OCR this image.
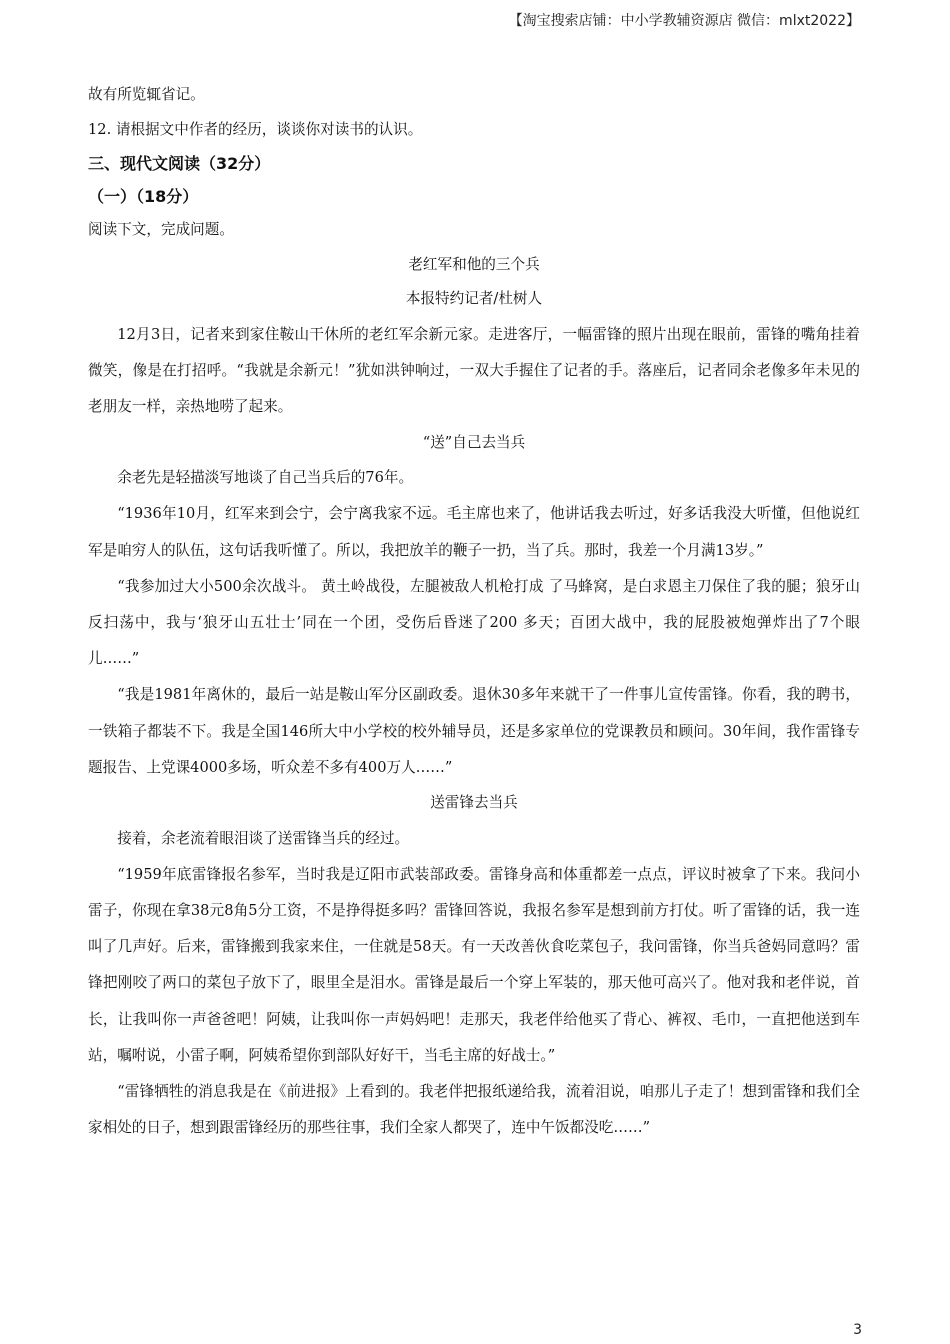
【淘宝搜索店铺：中小学教辅资源店 微信：mlxt2022】

故有所览辄省记。

12. 请根据文中作者的经历，谈谈你对读书的认识。

三、现代文阅读（32分）

（一）（18分）

阅读下文，完成问题。

老红军和他的三个兵

本报特约记者/杜树人

12月3日，记者来到家住鞍山干休所的老红军余新元家。走进客厅，一幅雷锋的照片出现在眼前，雷锋的嘴角挂着微笑，像是在打招呼。“我就是余新元！”犹如洪钟响过，一双大手握住了记者的手。落座后，记者同余老像多年未见的老朋友一样，亲热地唠了起来。

“送”自己去当兵

余老先是轻描淡写地谈了自己当兵后的76年。

“1936年10月，红军来到会宁，会宁离我家不远。毛主席也来了，他讲话我去听过，好多话我没大听懂，但他说红军是咱穷人的队伍，这句话我听懂了。所以，我把放羊的鞭子一扔，当了兵。那时，我差一个月满13岁。”

“我参加过大小500余次战斗。 黄土岭战役，左腿被敌人机枪打成 了马蜂窝，是白求恩主刀保住了我的腿；狼牙山反扫荡中，我与‘狼牙山五壮士’同在一个团，受伤后昏迷了200 多天；百团大战中，我的屁股被炮弹炸出了7个眼儿……”

“我是1981年离休的，最后一站是鞍山军分区副政委。退休30多年来就干了一件事儿宣传雷锋。你看，我的聘书，一铁箱子都装不下。我是全国146所大中小学校的校外辅导员，还是多家单位的党课教员和顾问。30年间，我作雷锋专题报告、上党课4000多场，听众差不多有400万人……”

送雷锋去当兵

接着，余老流着眼泪谈了送雷锋当兵的经过。

“1959年底雷锋报名参军，当时我是辽阳市武装部政委。雷锋身高和体重都差一点点，评议时被拿了下来。我问小雷子，你现在拿38元8角5分工资，不是挣得挺多吗？雷锋回答说，我报名参军是想到前方打仗。听了雷锋的话，我一连叫了几声好。后来，雷锋搬到我家来住，一住就是58天。有一天改善伙食吃菜包子，我问雷锋，你当兵爸妈同意吗？雷锋把刚咬了两口的菜包子放下了，眼里全是泪水。雷锋是最后一个穿上军装的，那天他可高兴了。他对我和老伴说，首长，让我叫你一声爸爸吧！阿姨，让我叫你一声妈妈吧！走那天，我老伴给他买了背心、裤衩、毛巾，一直把他送到车站，嘱咐说，小雷子啊，阿姨希望你到部队好好干，当毛主席的好战士。”

“雷锋牺牲的消息我是在《前进报》上看到的。我老伴把报纸递给我，流着泪说，咱那儿子走了！想到雷锋和我们全家相处的日子，想到跟雷锋经历的那些往事，我们全家人都哭了，连中午饭都没吃……”

3
